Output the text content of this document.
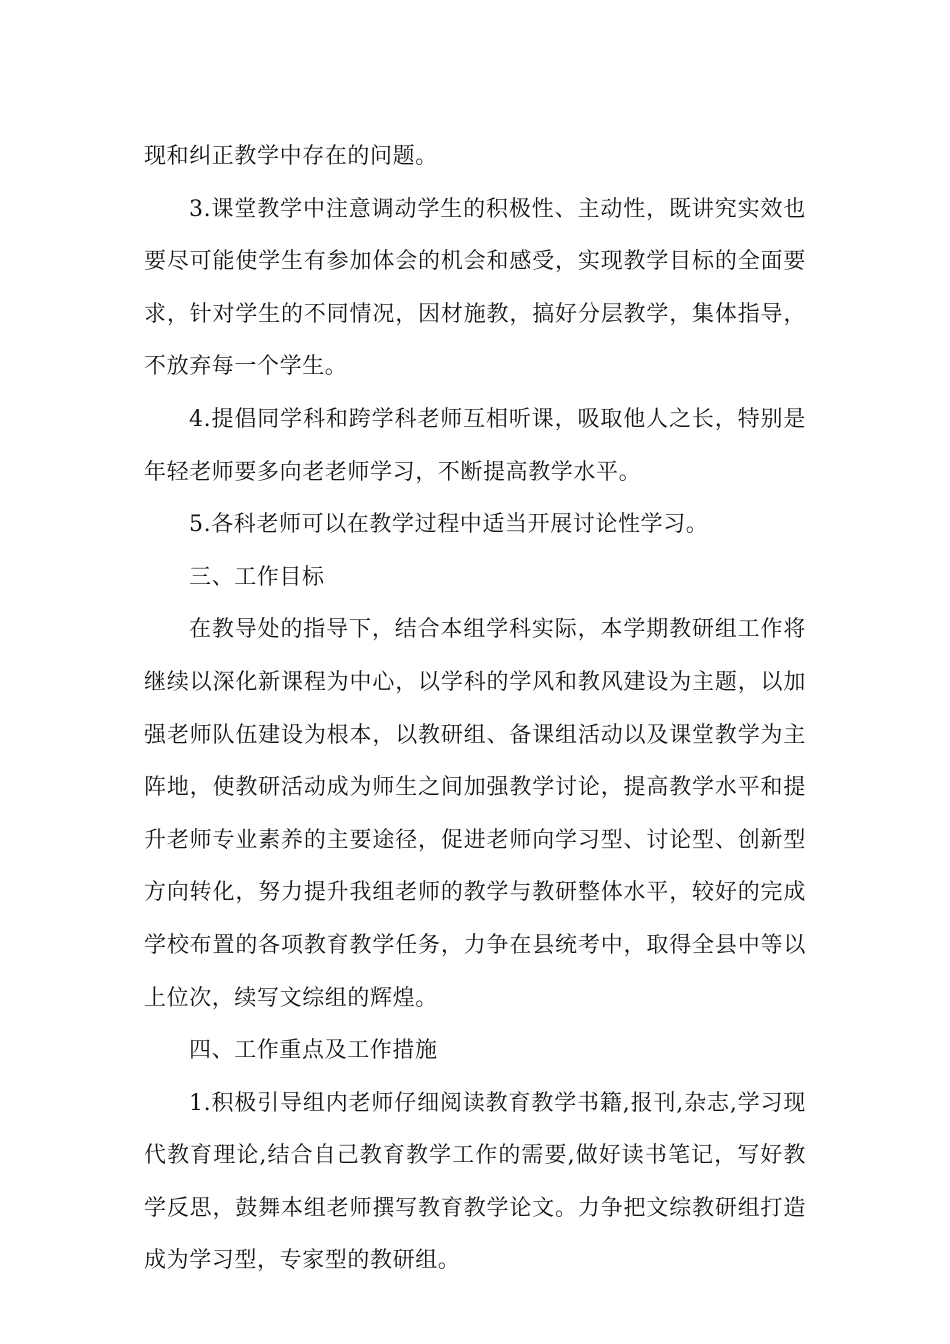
现和纠正教学中存在的问题。

3.课堂教学中注意调动学生的积极性、主动性，既讲究实效也要尽可能使学生有参加体会的机会和感受，实现教学目标的全面要求，针对学生的不同情况，因材施教，搞好分层教学，集体指导，不放弃每一个学生。

4.提倡同学科和跨学科老师互相听课，吸取他人之长，特别是年轻老师要多向老老师学习，不断提高教学水平。

5.各科老师可以在教学过程中适当开展讨论性学习。

三、工作目标

在教导处的指导下，结合本组学科实际，本学期教研组工作将继续以深化新课程为中心，以学科的学风和教风建设为主题，以加强老师队伍建设为根本，以教研组、备课组活动以及课堂教学为主阵地，使教研活动成为师生之间加强教学讨论，提高教学水平和提升老师专业素养的主要途径，促进老师向学习型、讨论型、创新型方向转化，努力提升我组老师的教学与教研整体水平，较好的完成学校布置的各项教育教学任务，力争在县统考中，取得全县中等以上位次，续写文综组的辉煌。

四、工作重点及工作措施

1.积极引导组内老师仔细阅读教育教学书籍,报刊,杂志,学习现代教育理论,结合自己教育教学工作的需要,做好读书笔记，写好教学反思，鼓舞本组老师撰写教育教学论文。力争把文综教研组打造成为学习型，专家型的教研组。
